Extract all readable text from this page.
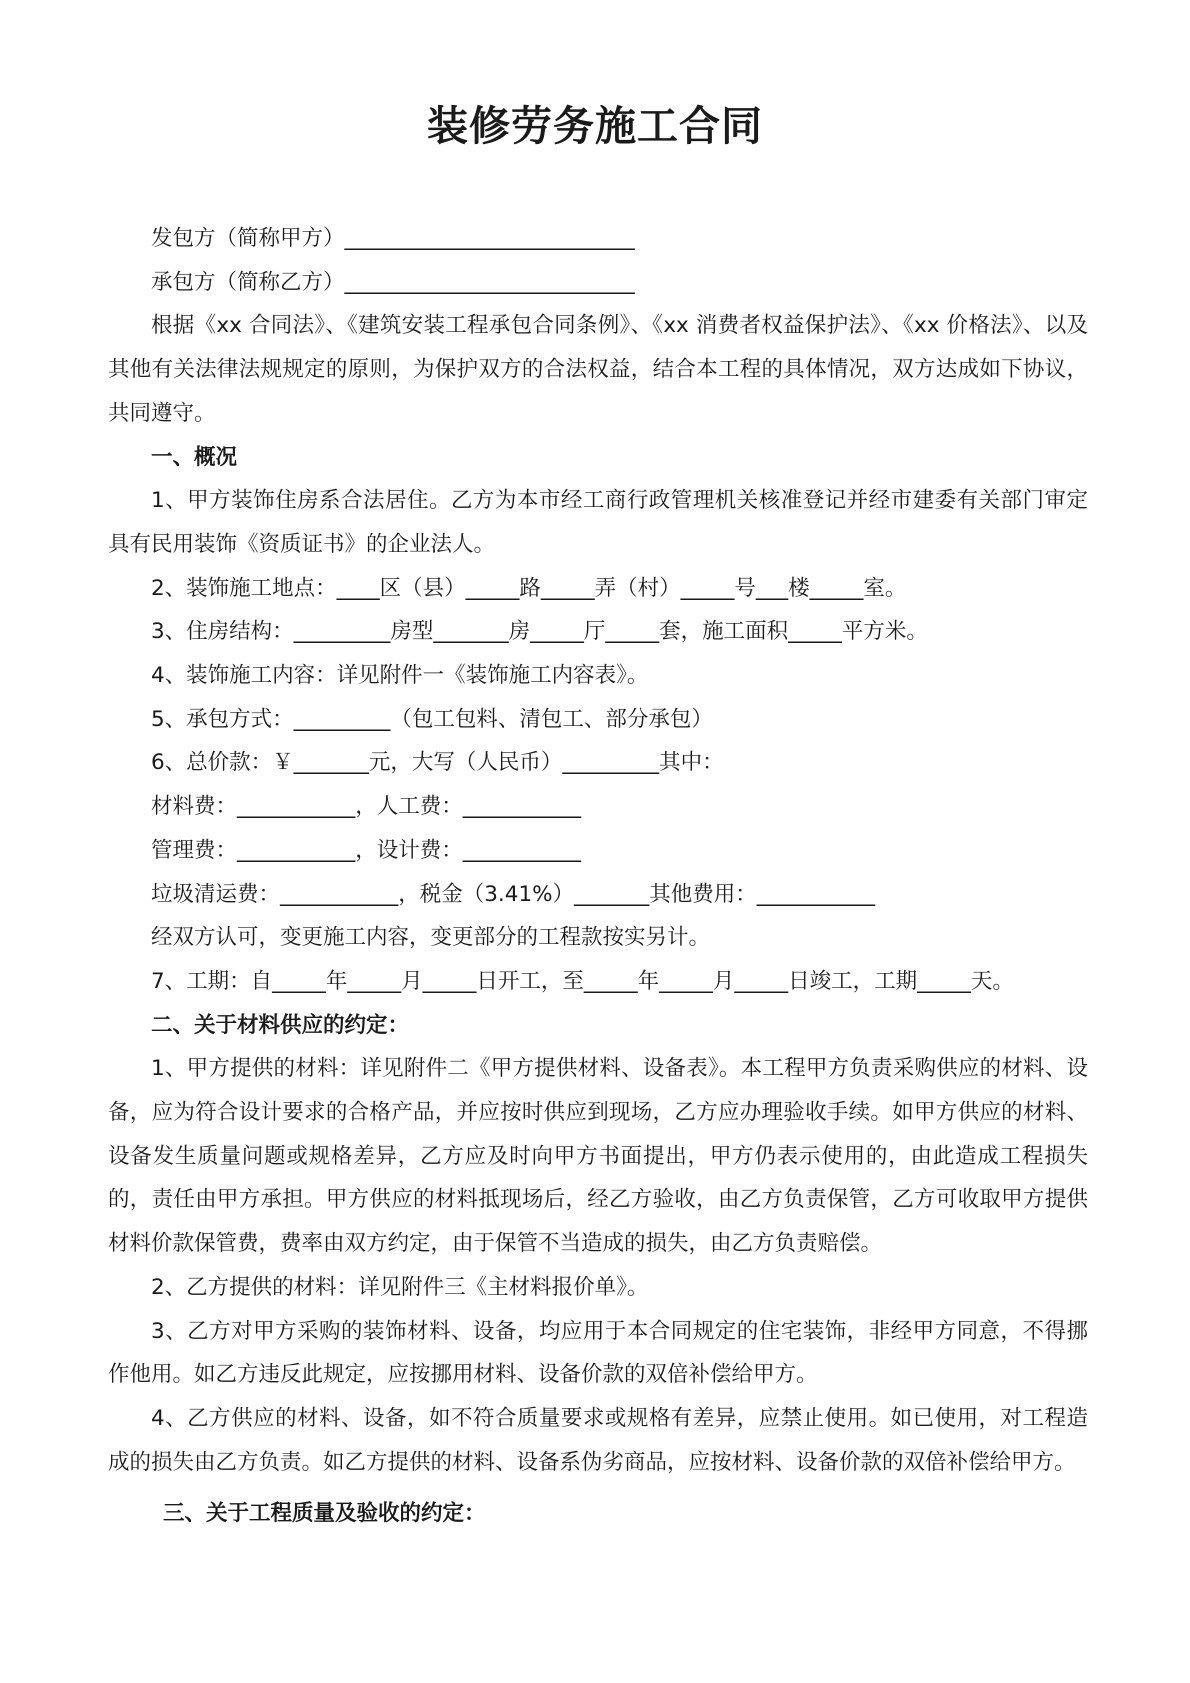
装修劳务施工合同

发包方（简称甲方）___________________________

承包方（简称乙方）___________________________

根据《xx 合同法》、《建筑安装工程承包合同条例》、《xx 消费者权益保护法》、《xx 价格法》、以及其他有关法律法规规定的原则，为保护双方的合法权益，结合本工程的具体情况，双方达成如下协议，共同遵守。

一、概况

1、甲方装饰住房系合法居住。乙方为本市经工商行政管理机关核准登记并经市建委有关部门审定具有民用装饰《资质证书》的企业法人。

2、装饰施工地点：____区（县）_____路_____弄（村）_____号___楼_____室。

3、住房结构：_________房型_______房_____厅_____套，施工面积_____平方米。

4、装饰施工内容：详见附件一《装饰施工内容表》。

5、承包方式：_________（包工包料、清包工、部分承包）

6、总价款：￥_______元，大写（人民币）_________其中：

材料费：___________，人工费：___________

管理费：___________，设计费：___________

垃圾清运费：___________，税金（3.41%）_______其他费用：___________

经双方认可，变更施工内容，变更部分的工程款按实另计。

7、工期：自_____年_____月_____日开工，至_____年_____月_____日竣工，工期_____天。

二、关于材料供应的约定：

1、甲方提供的材料：详见附件二《甲方提供材料、设备表》。本工程甲方负责采购供应的材料、设备，应为符合设计要求的合格产品，并应按时供应到现场，乙方应办理验收手续。如甲方供应的材料、设备发生质量问题或规格差异，乙方应及时向甲方书面提出，甲方仍表示使用的，由此造成工程损失的，责任由甲方承担。甲方供应的材料抵现场后，经乙方验收，由乙方负责保管，乙方可收取甲方提供材料价款保管费，费率由双方约定，由于保管不当造成的损失，由乙方负责赔偿。

2、乙方提供的材料：详见附件三《主材料报价单》。

3、乙方对甲方采购的装饰材料、设备，均应用于本合同规定的住宅装饰，非经甲方同意，不得挪作他用。如乙方违反此规定，应按挪用材料、设备价款的双倍补偿给甲方。

4、乙方供应的材料、设备，如不符合质量要求或规格有差异，应禁止使用。如已使用，对工程造成的损失由乙方负责。如乙方提供的材料、设备系伪劣商品，应按材料、设备价款的双倍补偿给甲方。

三、关于工程质量及验收的约定：
